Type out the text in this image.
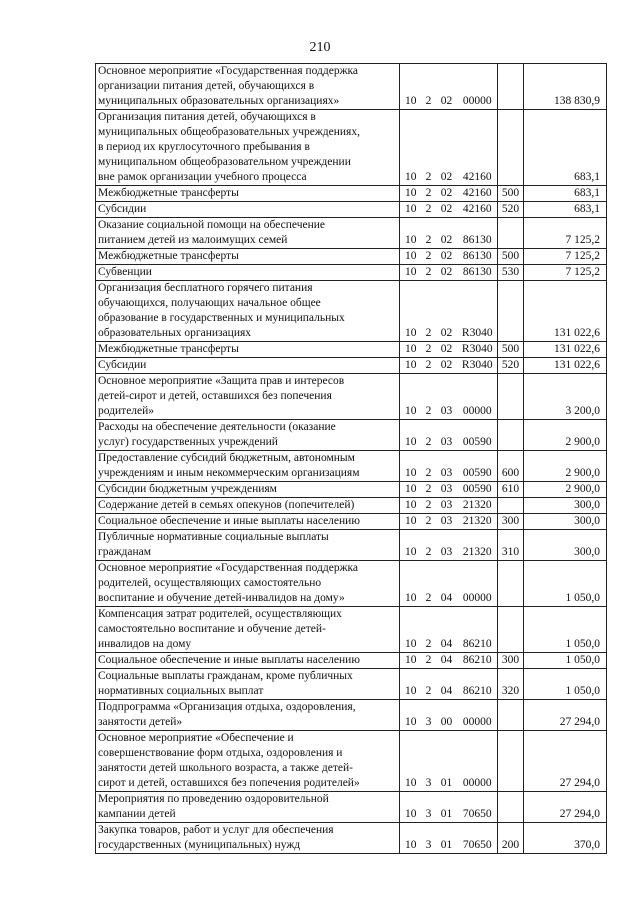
210
Основное мероприятие «Государственная поддержка
организации питания детей, обучающихся в
муниципальных образовательных организациях»	10	2	02	00000		138 830,9
Организация питания детей, обучающихся в
муниципальных общеобразовательных учреждениях,
в период их круглосуточного пребывания в
муниципальном общеобразовательном учреждении
вне рамок организации учебного процесса	10	2	02	42160		683,1
Межбюджетные трансферты	10	2	02	42160	500	683,1
Субсидии	10	2	02	42160	520	683,1
Оказание социальной помощи на обеспечение
питанием детей из малоимущих семей	10	2	02	86130		7 125,2
Межбюджетные трансферты	10	2	02	86130	500	7 125,2
Субвенции	10	2	02	86130	530	7 125,2
Организация бесплатного горячего питания
обучающихся, получающих начальное общее
образование в государственных и муниципальных
образовательных организациях	10	2	02	R3040		131 022,6
Межбюджетные трансферты	10	2	02	R3040	500	131 022,6
Субсидии	10	2	02	R3040	520	131 022,6
Основное мероприятие «Защита прав и интересов
детей-сирот и детей, оставшихся без попечения
родителей»	10	2	03	00000		3 200,0
Расходы на обеспечение деятельности (оказание
услуг) государственных учреждений	10	2	03	00590		2 900,0
Предоставление субсидий бюджетным, автономным
учреждениям и иным некоммерческим организациям	10	2	03	00590	600	2 900,0
Субсидии бюджетным учреждениям	10	2	03	00590	610	2 900,0
Содержание детей в семьях опекунов (попечителей)	10	2	03	21320		300,0
Социальное обеспечение и иные выплаты населению	10	2	03	21320	300	300,0
Публичные нормативные социальные выплаты
гражданам	10	2	03	21320	310	300,0
Основное мероприятие «Государственная поддержка
родителей, осуществляющих самостоятельно
воспитание и обучение детей-инвалидов на дому»	10	2	04	00000		1 050,0
Компенсация затрат родителей, осуществляющих
самостоятельно воспитание и обучение детей-
инвалидов на дому	10	2	04	86210		1 050,0
Социальное обеспечение и иные выплаты населению	10	2	04	86210	300	1 050,0
Социальные выплаты гражданам, кроме публичных
нормативных социальных выплат	10	2	04	86210	320	1 050,0
Подпрограмма «Организация отдыха, оздоровления,
занятости детей»	10	3	00	00000		27 294,0
Основное мероприятие «Обеспечение и
совершенствование форм отдыха, оздоровления и
занятости детей школьного возраста, а также детей-
сирот и детей, оставшихся без попечения родителей»	10	3	01	00000		27 294,0
Мероприятия по проведению оздоровительной
кампании детей	10	3	01	70650		27 294,0
Закупка товаров, работ и услуг для обеспечения
государственных (муниципальных) нужд	10	3	01	70650	200	370,0
